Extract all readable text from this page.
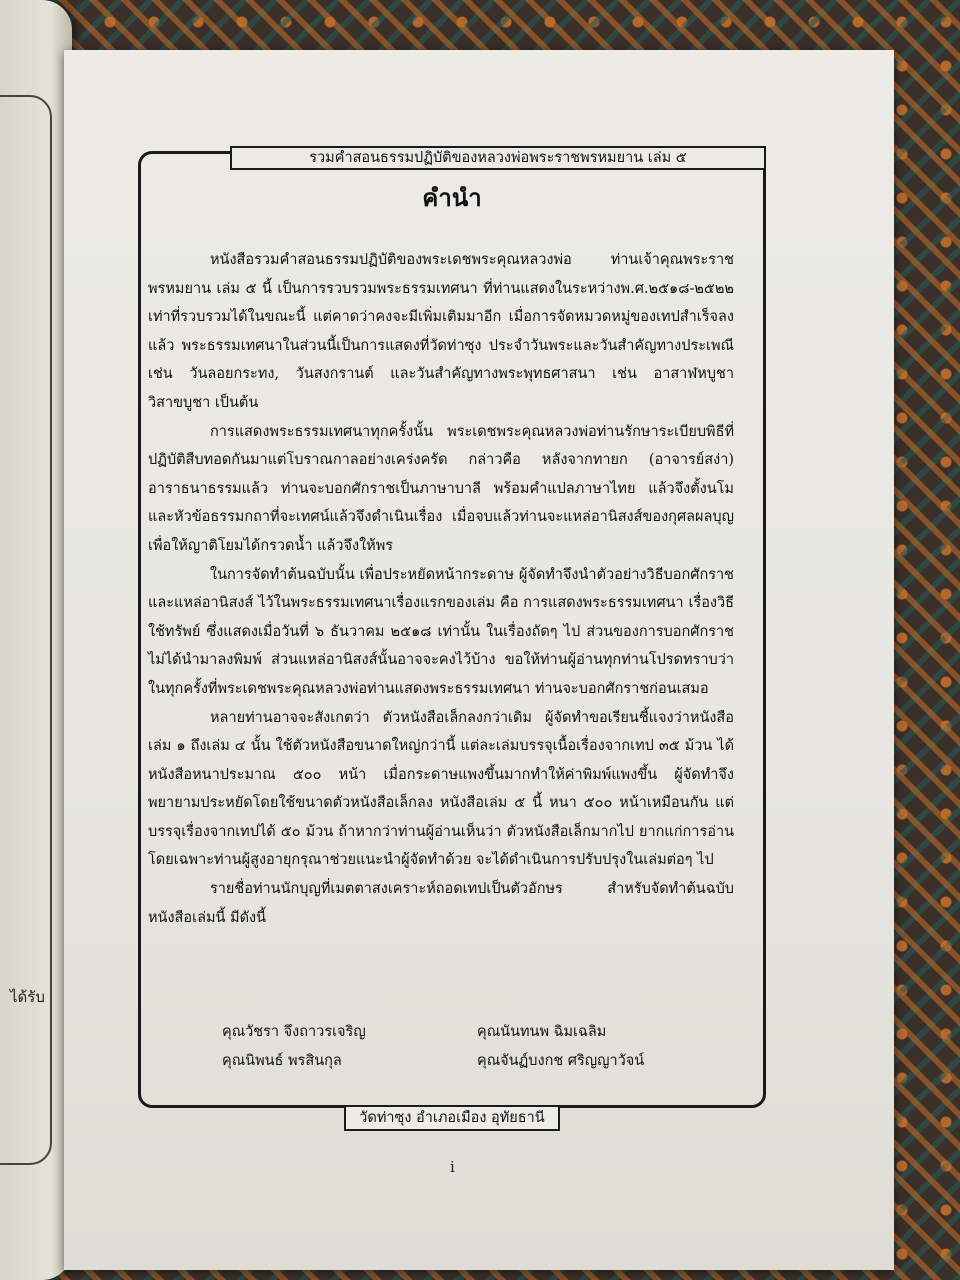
ได้รับ
รวมคำสอนธรรมปฏิบัติของหลวงพ่อพระราชพรหมยาน เล่ม ๕
คำนำ

หนังสือรวมคำสอนธรรมปฏิบัติของพระเดชพระคุณหลวงพ่อ ท่านเจ้าคุณพระราชพรหมยาน เล่ม ๕ นี้ เป็นการรวบรวมพระธรรมเทศนา ที่ท่านแสดงในระหว่างพ.ศ.๒๕๑๘-๒๕๒๒ เท่าที่รวบรวมได้ในขณะนี้ แต่คาดว่าคงจะมีเพิ่มเติมมาอีก เมื่อการจัดหมวดหมู่ของเทปสำเร็จลงแล้ว พระธรรมเทศนาในส่วนนี้เป็นการแสดงที่วัดท่าซุง ประจำวันพระและวันสำคัญทางประเพณี เช่น วันลอยกระทง, วันสงกรานต์ และวันสำคัญทางพระพุทธศาสนา เช่น อาสาฬหบูชา วิสาขบูชา เป็นต้น

การแสดงพระธรรมเทศนาทุกครั้งนั้น พระเดชพระคุณหลวงพ่อท่านรักษาระเบียบพิธีที่ปฏิบัติสืบทอดกันมาแต่โบราณกาลอย่างเคร่งครัด กล่าวคือ หลังจากทายก (อาจารย์สง่า) อาราธนาธรรมแล้ว ท่านจะบอกศักราชเป็นภาษาบาลี พร้อมคำแปลภาษาไทย แล้วจึงตั้งนโม และหัวข้อธรรมกถาที่จะเทศน์แล้วจึงดำเนินเรื่อง เมื่อจบแล้วท่านจะแหล่อานิสงส์ของกุศลผลบุญ เพื่อให้ญาติโยมได้กรวดน้ำ แล้วจึงให้พร

ในการจัดทำต้นฉบับนั้น เพื่อประหยัดหน้ากระดาษ ผู้จัดทำจึงนำตัวอย่างวิธีบอกศักราชและแหล่อานิสงส์ ไว้ในพระธรรมเทศนาเรื่องแรกของเล่ม คือ การแสดงพระธรรมเทศนา เรื่องวิธีใช้ทรัพย์ ซึ่งแสดงเมื่อวันที่ ๖ ธันวาคม ๒๕๑๘ เท่านั้น ในเรื่องถัดๆ ไป ส่วนของการบอกศักราชไม่ได้นำมาลงพิมพ์ ส่วนแหล่อานิสงส์นั้นอาจจะคงไว้บ้าง ขอให้ท่านผู้อ่านทุกท่านโปรดทราบว่า ในทุกครั้งที่พระเดชพระคุณหลวงพ่อท่านแสดงพระธรรมเทศนา ท่านจะบอกศักราชก่อนเสมอ

หลายท่านอาจจะสังเกตว่า ตัวหนังสือเล็กลงกว่าเดิม ผู้จัดทำขอเรียนชี้แจงว่าหนังสือเล่ม ๑ ถึงเล่ม ๔ นั้น ใช้ตัวหนังสือขนาดใหญ่กว่านี้ แต่ละเล่มบรรจุเนื้อเรื่องจากเทป ๓๕ ม้วน ได้หนังสือหนาประมาณ ๕๐๐ หน้า เมื่อกระดาษแพงขึ้นมากทำให้ค่าพิมพ์แพงขึ้น ผู้จัดทำจึงพยายามประหยัดโดยใช้ขนาดตัวหนังสือเล็กลง หนังสือเล่ม ๕ นี้ หนา ๕๐๐ หน้าเหมือนกัน แต่บรรจุเรื่องจากเทปได้ ๕๐ ม้วน ถ้าหากว่าท่านผู้อ่านเห็นว่า ตัวหนังสือเล็กมากไป ยากแก่การอ่าน โดยเฉพาะท่านผู้สูงอายุกรุณาช่วยแนะนำผู้จัดทำด้วย จะได้ดำเนินการปรับปรุงในเล่มต่อๆ ไป

รายชื่อท่านนักบุญที่เมตตาสงเคราะห์ถอดเทปเป็นตัวอักษร สำหรับจัดทำต้นฉบับหนังสือเล่มนี้ มีดังนี้

คุณวัชรา จึงถาวรเจริญ	คุณนันทนพ ฉิมเฉลิม
คุณนิพนธ์ พรสินกุล	คุณจันฏ์บงกช ศริญญาวัจน์
วัดท่าซุง อำเภอเมือง อุทัยธานี
i
